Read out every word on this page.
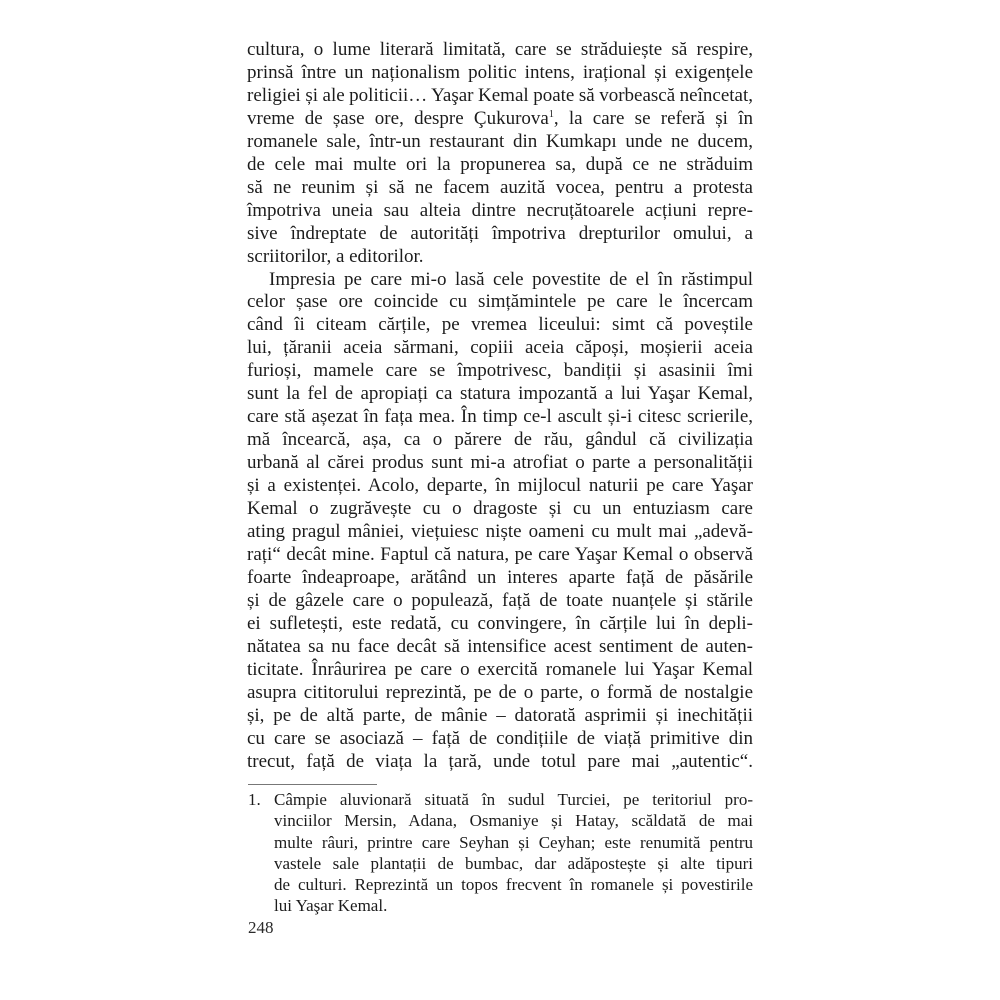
cultura, o lume literară limitată, care se străduiește să respire,
prinsă între un naționalism politic intens, irațional și exigențele
religiei și ale politicii… Yaşar Kemal poate să vorbească neîncetat,
vreme de șase ore, despre Çukurova$^1$, la care se referă și în
romanele sale, într-un restaurant din Kumkapı unde ne ducem,
de cele mai multe ori la propunerea sa, după ce ne străduim
să ne reunim și să ne facem auzită vocea, pentru a protesta
împotriva uneia sau alteia dintre necruțătoarele acțiuni repre-
sive îndreptate de autorități împotriva drepturilor omului, a
scriitorilor, a editorilor.

Impresia pe care mi-o lasă cele povestite de el în răstimpul
celor șase ore coincide cu simțămintele pe care le încercam
când îi citeam cărțile, pe vremea liceului: simt că poveștile
lui, țăranii aceia sărmani, copiii aceia căpoși, moșierii aceia
furioși, mamele care se împotrivesc, bandiții și asasinii îmi
sunt la fel de apropiați ca statura impozantă a lui Yaşar Kemal,
care stă așezat în fața mea. În timp ce-l ascult și-i citesc scrierile,
mă încearcă, așa, ca o părere de rău, gândul că civilizația
urbană al cărei produs sunt mi-a atrofiat o parte a personalității
și a existenței. Acolo, departe, în mijlocul naturii pe care Yaşar
Kemal o zugrăvește cu o dragoste și cu un entuziasm care
ating pragul mâniei, viețuiesc niște oameni cu mult mai „adevă-
rați“ decât mine. Faptul că natura, pe care Yaşar Kemal o observă
foarte îndeaproape, arătând un interes aparte față de păsările
și de gâzele care o populează, față de toate nuanțele și stările
ei sufletești, este redată, cu convingere, în cărțile lui în depli-
nătatea sa nu face decât să intensifice acest sentiment de auten-
ticitate. Înrâurirea pe care o exercită romanele lui Yaşar Kemal
asupra cititorului reprezintă, pe de o parte, o formă de nostalgie
și, pe de altă parte, de mânie – datorată asprimii și inechității
cu care se asociază – față de condițiile de viață primitive din
trecut, față de viața la țară, unde totul pare mai „autentic“.

1. Câmpie aluvionară situată în sudul Turciei, pe teritoriul pro-
vinciilor Mersin, Adana, Osmaniye și Hatay, scăldată de mai
multe râuri, printre care Seyhan și Ceyhan; este renumită pentru
vastele sale plantații de bumbac, dar adăpostește și alte tipuri
de culturi. Reprezintă un topos frecvent în romanele și povestirile
lui Yaşar Kemal.
248
